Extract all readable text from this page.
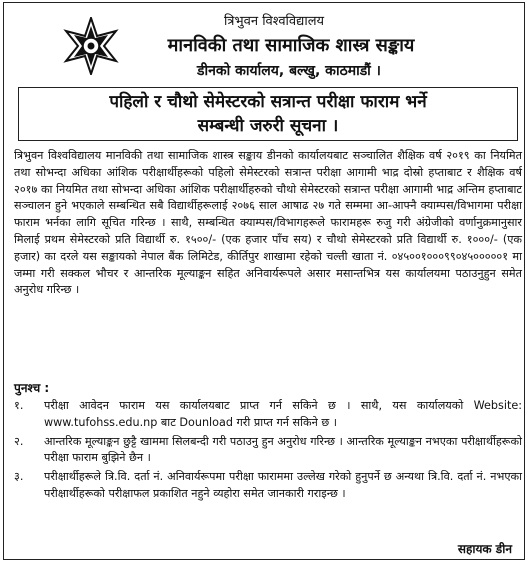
त्रिभुवन विश्वविद्यालय
मानविकी तथा सामाजिक शास्त्र सङ्काय
डीनको कार्यालय, बल्खु, काठमाडौं ।
पहिलो र चौथो सेमेस्टरको सत्रान्त परीक्षा फाराम भर्ने
सम्बन्धी जरुरी सूचना ।
त्रिभुवन विश्वविद्यालय मानविकी तथा सामाजिक शास्त्र सङ्काय डीनको कार्यालयबाट सञ्चालित शैक्षिक वर्ष २०१९ का नियमित तथा सोभन्दा अधिका आंशिक परीक्षार्थीहरूको पहिलो सेमेस्टरको सत्रान्त परीक्षा आगामी भाद्र दोस्रो हप्ताबाट र शैक्षिक वर्ष २०१७ का नियमित तथा सोभन्दा अधिका आंशिक परीक्षार्थीहरुको चौथो सेमेस्टरको सत्रान्त परीक्षा आगामी भाद्र अन्तिम हप्ताबाट सञ्चालन हुने भएकाले सम्बन्धित सबै विद्यार्थीहरूलाई २०७६ साल आषाढ २७ गते सम्ममा आ-आफ्नै क्याम्पस/विभागमा परीक्षा फाराम भर्नका लागि सूचित गरिन्छ । साथै, सम्बन्धित क्याम्पस/विभागहरूले फारामहरू रुजु गरी अंग्रेजीको वर्णानुक्रमानुसार मिलाई प्रथम सेमेस्टरको प्रति विद्यार्थी रु. १५००/- (एक हजार पाँच सय) र चौथो सेमेस्टरको प्रति विद्यार्थी रु. १०००/- (एक हजार) का दरले यस सङ्कायको नेपाल बैंक लिमिटेड, कीर्तिपुर शाखामा रहेको चल्ती खाता नं. ०४५००१०००९९०४५०००००१ मा जम्मा गरी सक्कल भौचर र आन्तरिक मूल्याङ्कन सहित अनिवार्यरूपले असार मसान्तभित्र यस कार्यालयमा पठाउनुहुन समेत अनुरोध गरिन्छ ।
पुनश्च :
१.	परीक्षा आवेदन फाराम यस कार्यालयबाट प्राप्त गर्न सकिने छ । साथै, यस कार्यालयको Website: www.tufohss.edu.np बाट Dounload गरी प्राप्त गर्न सकिने छ ।
२.	आन्तरिक मूल्याङ्कन छुट्टै खाममा सिलबन्दी गरी पठाउनु हुन अनुरोध गरिन्छ । आन्तरिक मूल्याङ्कन नभएका परीक्षार्थीहरूको परीक्षा फाराम बुझिने छैन ।
३.	परीक्षार्थीहरूले त्रि.वि. दर्ता नं. अनिवार्यरूपमा परीक्षा फाराममा उल्लेख गरेको हुनुपर्ने छ अन्यथा त्रि.वि. दर्ता नं. नभएका परीक्षार्थीहरूको परीक्षाफल प्रकाशित नहुने व्यहोरा समेत जानकारी गराइन्छ ।
सहायक डीन
